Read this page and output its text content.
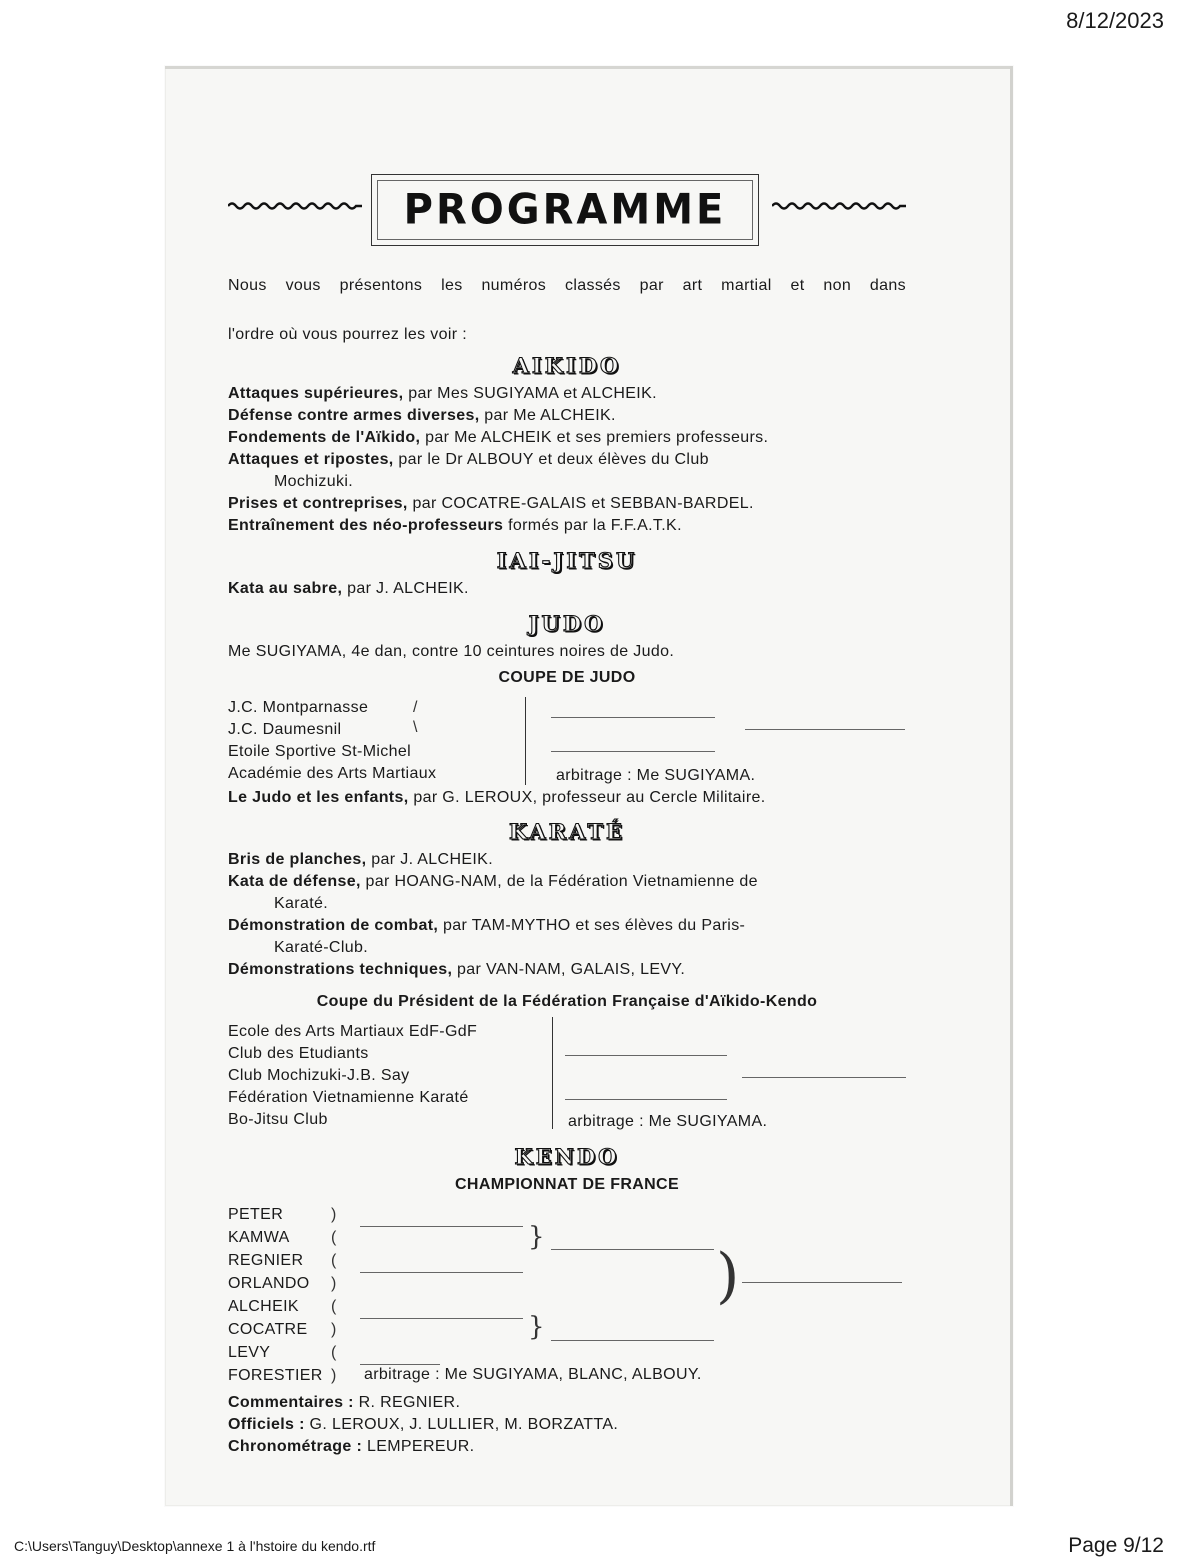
8/12/2023
PROGRAMME
Nous vous présentons les numéros classés par art martial et non dans
l'ordre où vous pourrez les voir :
AIKIDO
Attaques supérieures, par Mes SUGIYAMA et ALCHEIK.
Défense contre armes diverses, par Me ALCHEIK.
Fondements de l'Aïkido, par Me ALCHEIK et ses premiers professeurs.
Attaques et ripostes, par le Dr ALBOUY et deux élèves du Club
Mochizuki.
Prises et contreprises, par COCATRE-GALAIS et SEBBAN-BARDEL.
Entraînement des néo-professeurs formés par la F.F.A.T.K.
IAI-JITSU
Kata au sabre, par J. ALCHEIK.
JUDO
Me SUGIYAMA, 4e dan, contre 10 ceintures noires de Judo.
COUPE DE JUDO
J.C. Montparnasse
J.C. Daumesnil
Etoile Sportive St-Michel
Académie des Arts Martiaux
/
\
arbitrage : Me SUGIYAMA.
Le Judo et les enfants, par G. LEROUX, professeur au Cercle Militaire.
KARATÉ
Bris de planches, par J. ALCHEIK.
Kata de défense, par HOANG-NAM, de la Fédération Vietnamienne de
Karaté.
Démonstration de combat, par TAM-MYTHO et ses élèves du Paris-
Karaté-Club.
Démonstrations techniques, par VAN-NAM, GALAIS, LEVY.
Coupe du Président de la Fédération Française d'Aïkido-Kendo
Ecole des Arts Martiaux EdF-GdF
Club des Etudiants
Club Mochizuki-J.B. Say
Fédération Vietnamienne Karaté
Bo-Jitsu Club	arbitrage : Me SUGIYAMA.
KENDO
CHAMPIONNAT DE FRANCE
PETER
KAMWA
REGNIER
ORLANDO
ALCHEIK
COCATRE
LEVY
FORESTIER
)
(
(
)
(
)
(
)
}
}
)
arbitrage : Me SUGIYAMA, BLANC, ALBOUY.
Commentaires : R. REGNIER.
Officiels : G. LEROUX, J. LULLIER, M. BORZATTA.
Chronométrage : LEMPEREUR.
C:\Users\Tanguy\Desktop\annexe 1 à l'hstoire du kendo.rtf	Page 9/12
